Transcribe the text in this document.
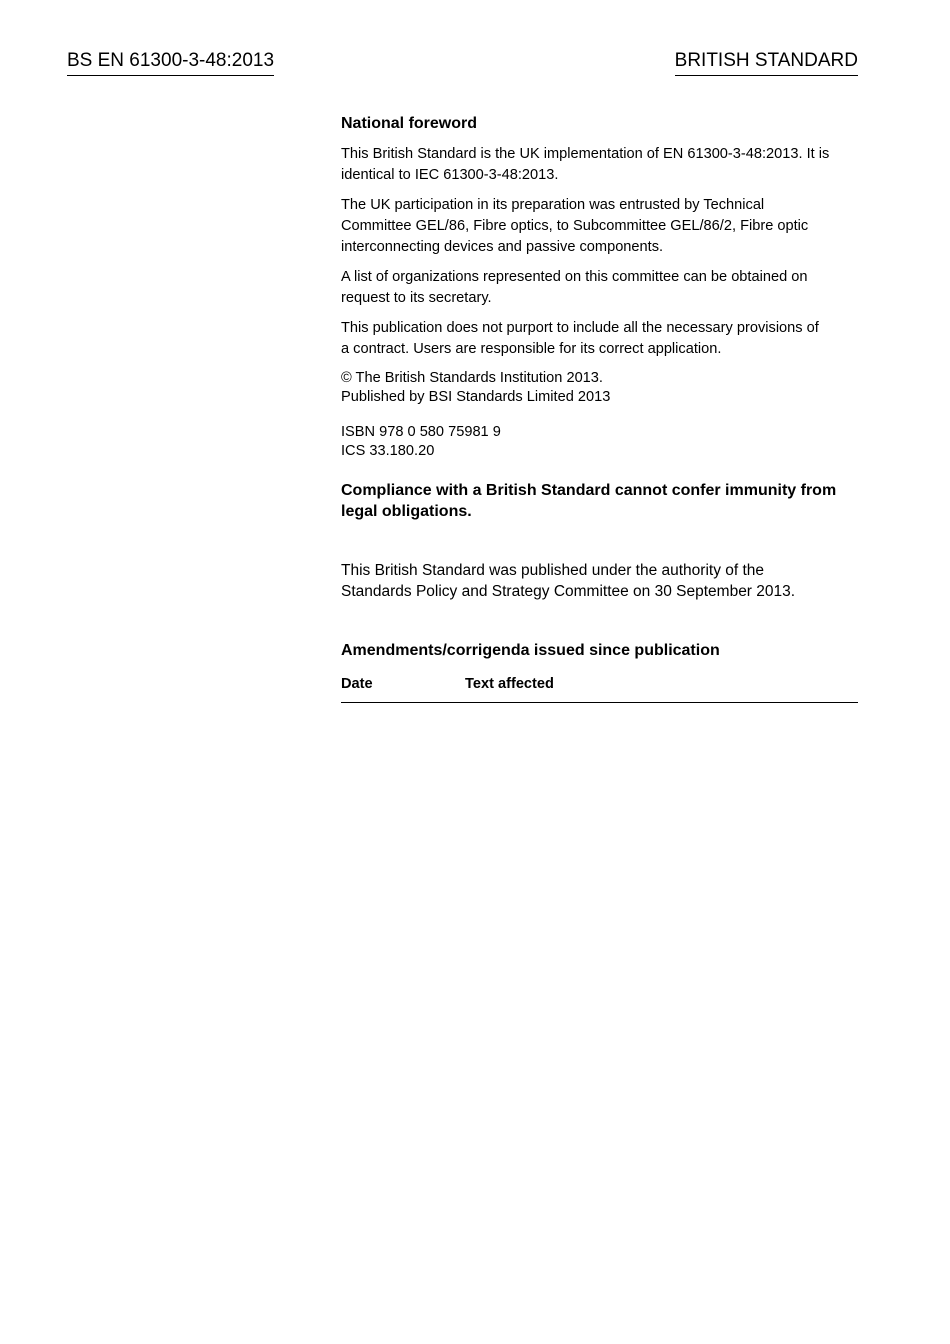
BS EN 61300-3-48:2013	BRITISH STANDARD
National foreword
This British Standard is the UK implementation of EN 61300-3-48:2013. It is
identical to IEC 61300-3-48:2013.
The UK participation in its preparation was entrusted by Technical
Committee GEL/86, Fibre optics, to Subcommittee GEL/86/2, Fibre optic
interconnecting devices and passive components.
A list of organizations represented on this committee can be obtained on
request to its secretary.
This publication does not purport to include all the necessary provisions of
a contract. Users are responsible for its correct application.
© The British Standards Institution 2013.
Published by BSI Standards Limited 2013
ISBN 978 0 580 75981 9
ICS 33.180.20
Compliance with a British Standard cannot confer immunity from
legal obligations.
This British Standard was published under the authority of the
Standards Policy and Strategy Committee on 30 September 2013.
Amendments/corrigenda issued since publication
Date	Text affected
